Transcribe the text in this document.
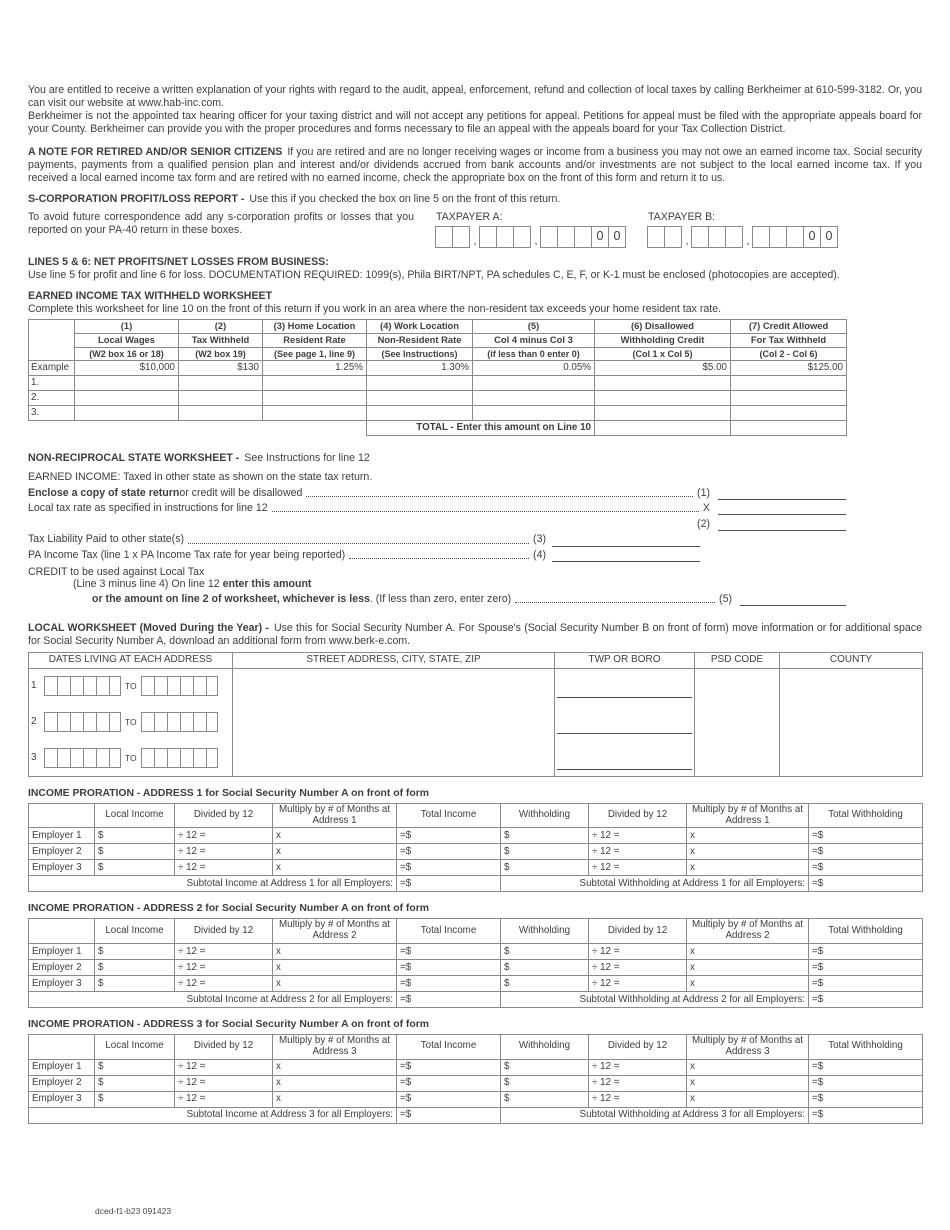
You are entitled to receive a written explanation of your rights with regard to the audit, appeal, enforcement, refund and collection of local taxes by calling Berkheimer at 610-599-3182. Or, you can visit our website at www.hab-inc.com.

Berkheimer is not the appointed tax hearing officer for your taxing district and will not accept any petitions for appeal. Petitions for appeal must be filed with the appropriate appeals board for your County. Berkheimer can provide you with the proper procedures and forms necessary to file an appeal with the appeals board for your Tax Collection District.

A NOTE FOR RETIRED AND/OR SENIOR CITIZENS If you are retired and are no longer receiving wages or income from a business you may not owe an earned income tax. Social security payments, payments from a qualified pension plan and interest and/or dividends accrued from bank accounts and/or investments are not subject to the local earned income tax. If you received a local earned income tax form and are retired with no earned income, check the appropriate box on the front of this form and return it to us.

S-CORPORATION PROFIT/LOSS REPORT - Use this if you checked the box on line 5 on the front of this return.

To avoid future correspondence add any s-corporation profits or losses that you reported on your PA-40 return in these boxes.

TAXPAYER A:
,	,	0 0
TAXPAYER B:
,	,	0 0

LINES 5 & 6: NET PROFITS/NET LOSSES FROM BUSINESS:

Use line 5 for profit and line 6 for loss. DOCUMENTATION REQUIRED: 1099(s), Phila BIRT/NPT, PA schedules C, E, F, or K-1 must be enclosed (photocopies are accepted).

EARNED INCOME TAX WITHHELD WORKSHEET

Complete this worksheet for line 10 on the front of this return if you work in an area where the non-resident tax exceeds your home resident tax rate.

	(1)	(2)	(3) Home Location	(4) Work Location	(5)	(6) Disallowed	(7) Credit Allowed
	Local Wages	Tax Withheld	Resident Rate	Non-Resident Rate	Col 4 minus Col 3	Withholding Credit	For Tax Withheld
	(W2 box 16 or 18)	(W2 box 19)	(See page 1, line 9)	(See Instructions)	(if less than 0 enter 0)	(Col 1 x Col 5)	(Col 2 - Col 6)
Example	$10,000	$130	1.25%	1.30%	0.05%	$5.00	$125.00
1.							
2.							
3.							
				TOTAL - Enter this amount on Line 10			

NON-RECIPROCAL STATE WORKSHEET - See Instructions for line 12

EARNED INCOME: Taxed in other state as shown on the state tax return.

Enclose a copy of state return or credit will be disallowed	(1)
Local tax rate as specified in instructions for line 12	X
(2)
Tax Liability Paid to other state(s)	(3)
PA Income Tax (line 1 x PA Income Tax rate for year being reported)	(4)

CREDIT to be used against Local Tax

(Line 3 minus line 4) On line 12 enter this amount

or the amount on line 2 of worksheet, whichever is less . (If less than zero, enter zero)	(5)

LOCAL WORKSHEET (Moved During the Year) - Use this for Social Security Number A. For Spouse's (Social Security Number B on front of form) move information or for additional space for Social Security Number A, download an additional form from www.berk-e.com.

DATES LIVING AT EACH ADDRESS	STREET ADDRESS, CITY, STATE, ZIP	TWP OR BORO	PSD CODE	COUNTY

1 TO				

2 TO				

3 TO				

INCOME PRORATION - ADDRESS 1 for Social Security Number A on front of form
	Local Income	Divided by 12	Multiply by # of Months at Address 1	Total Income	Withholding	Divided by 12	Multiply by # of Months at Address 1	Total Withholding
Employer 1	$	÷ 12 =	x	=$	$	÷ 12 =	x	=$
Employer 2	$	÷ 12 =	x	=$	$	÷ 12 =	x	=$
Employer 3	$	÷ 12 =	x	=$	$	÷ 12 =	x	=$
Subtotal Income at Address 1 for all Employers:				=$	Subtotal Withholding at Address 1 for all Employers:			=$
INCOME PRORATION - ADDRESS 2 for Social Security Number A on front of form
	Local Income	Divided by 12	Multiply by # of Months at Address 2	Total Income	Withholding	Divided by 12	Multiply by # of Months at Address 2	Total Withholding
Employer 1	$	÷ 12 =	x	=$	$	÷ 12 =	x	=$
Employer 2	$	÷ 12 =	x	=$	$	÷ 12 =	x	=$
Employer 3	$	÷ 12 =	x	=$	$	÷ 12 =	x	=$
Subtotal Income at Address 2 for all Employers:				=$	Subtotal Withholding at Address 2 for all Employers:			=$
INCOME PRORATION - ADDRESS 3 for Social Security Number A on front of form
	Local Income	Divided by 12	Multiply by # of Months at Address 3	Total Income	Withholding	Divided by 12	Multiply by # of Months at Address 3	Total Withholding
Employer 1	$	÷ 12 =	x	=$	$	÷ 12 =	x	=$
Employer 2	$	÷ 12 =	x	=$	$	÷ 12 =	x	=$
Employer 3	$	÷ 12 =	x	=$	$	÷ 12 =	x	=$
Subtotal Income at Address 3 for all Employers:				=$	Subtotal Withholding at Address 3 for all Employers:			=$
dced-f1-b23 091423
